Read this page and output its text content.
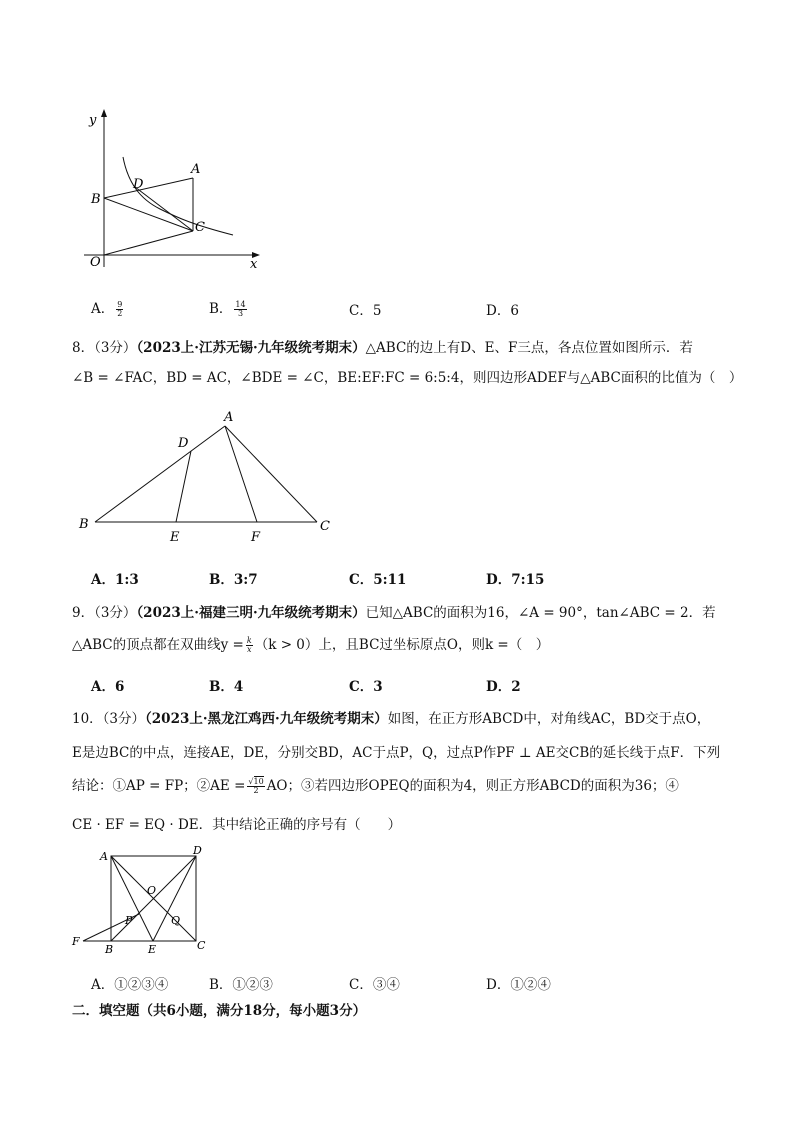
y
x
O
A
B
C
D
A． $\frac{9}{2}$	B． $\frac{14}{3}$	C．5	D．6
8．（3分）（2023上·江苏无锡·九年级统考期末）△ABC的边上有D、E、F三点，各点位置如图所示．若
∠B = ∠FAC，BD = AC，∠BDE = ∠C，BE:EF:FC = 6:5:4，则四边形ADEF与△ABC面积的比值为（　）
A
D
B	C
E	F
A．1:3	B．3:7	C．5:11	D．7:15
9．（3分）（2023上·福建三明·九年级统考期末）已知△ABC的面积为16，∠A = 90°，tan∠ABC = 2．若
△ABC的顶点都在双曲线$y = \frac{k}{x} (k > 0)$上，且BC过坐标原点O，则k =（　）
A．6	B．4	C．3	D．2
10．（3分）（2023上·黑龙江鸡西·九年级统考期末）如图，在正方形ABCD中，对角线AC，BD交于点O，
E是边BC的中点，连接AE，DE，分别交BD，AC于点P，Q，过点P作PF ⊥ AE交CB的延长线于点F．下列
结论：①AP = FP；②AE = $\frac{√10}{2}$ AO；③若四边形OPEQ的面积为4，则正方形ABCD的面积为36；④
CE · EF = EQ · DE．其中结论正确的序号有（　　）
A	D
O
P	Q
F
B	E	C
A．①②③④	B．①②③	C．③④	D．①②④
二．填空题（共6小题，满分18分，每小题3分）
